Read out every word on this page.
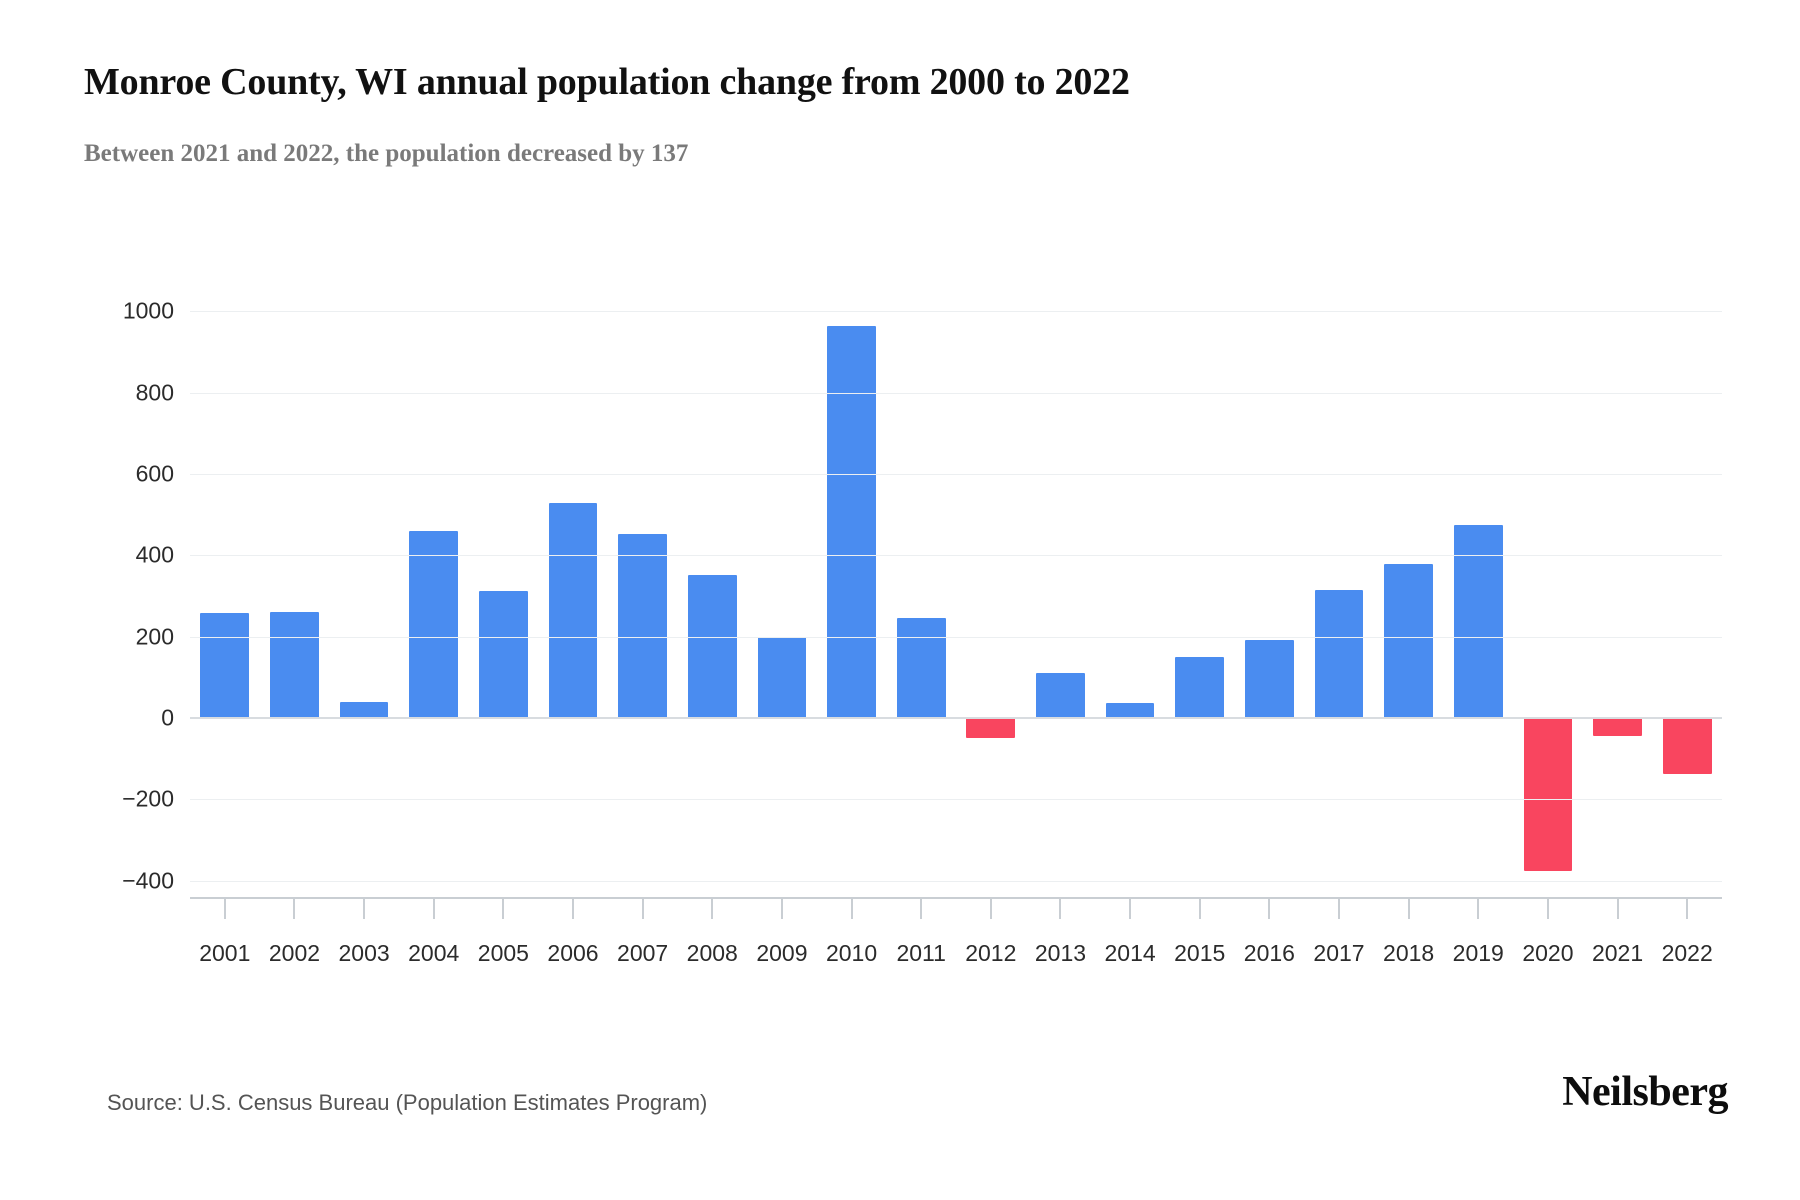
Monroe County, WI annual population change from 2000 to 2022
Between 2021 and 2022, the population decreased by 137
1000
800
600
400
200
0
−200
−400
2001 2002 2003 2004 2005 2006 2007 2008 2009 2010 2011 2012 2013 2014 2015 2016 2017 2018 2019 2020 2021 2022
Source: U.S. Census Bureau (Population Estimates Program)	Neilsberg
